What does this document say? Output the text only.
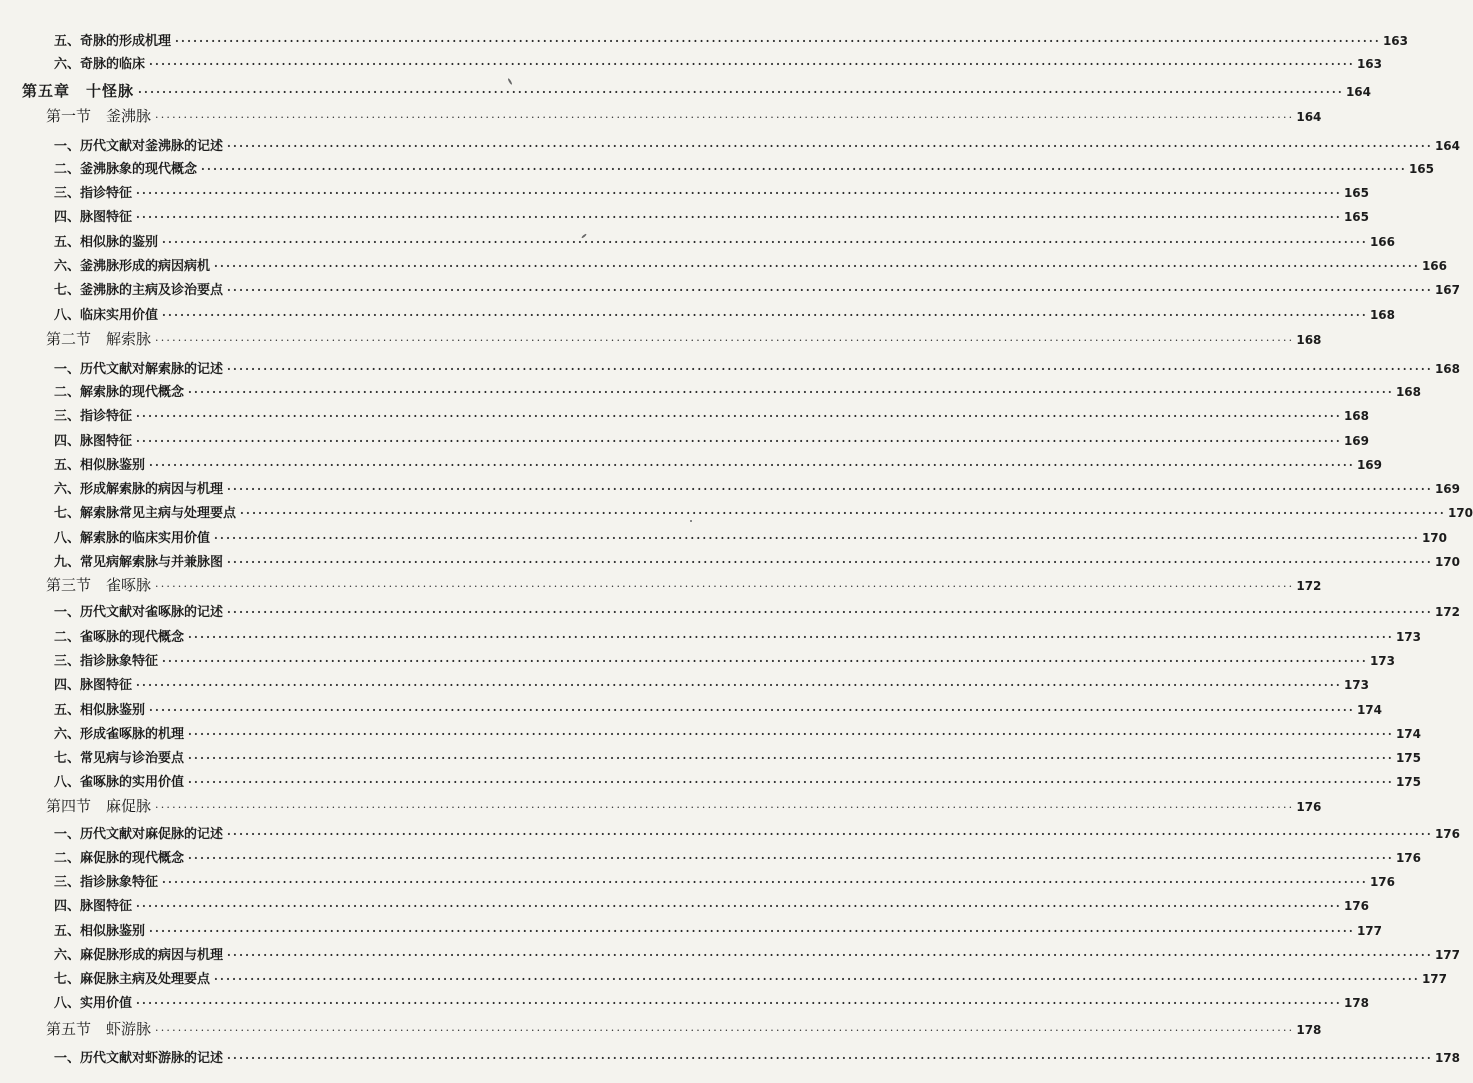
五、奇脉的形成机理 ········································································································································································································ 163
六、奇脉的临床 ········································································································································································································ 163
第五章　十怪脉 ········································································································································································································ 164
第一节　釜沸脉 ········································································································································································································ 164
一、历代文献对釜沸脉的记述 ········································································································································································································ 164
二、釜沸脉象的现代概念 ········································································································································································································ 165
三、指诊特征 ········································································································································································································ 165
四、脉图特征 ········································································································································································································ 165
五、相似脉的鉴别 ········································································································································································································ 166
六、釜沸脉形成的病因病机 ········································································································································································································ 166
七、釜沸脉的主病及诊治要点 ········································································································································································································ 167
八、临床实用价值 ········································································································································································································ 168
第二节　解索脉 ········································································································································································································ 168
一、历代文献对解索脉的记述 ········································································································································································································ 168
二、解索脉的现代概念 ········································································································································································································ 168
三、指诊特征 ········································································································································································································ 168
四、脉图特征 ········································································································································································································ 169
五、相似脉鉴别 ········································································································································································································ 169
六、形成解索脉的病因与机理 ········································································································································································································ 169
七、解索脉常见主病与处理要点 ········································································································································································································ 170
八、解索脉的临床实用价值 ········································································································································································································ 170
九、常见病解索脉与并兼脉图 ········································································································································································································ 170
第三节　雀啄脉 ········································································································································································································ 172
一、历代文献对雀啄脉的记述 ········································································································································································································ 172
二、雀啄脉的现代概念 ········································································································································································································ 173
三、指诊脉象特征 ········································································································································································································ 173
四、脉图特征 ········································································································································································································ 173
五、相似脉鉴别 ········································································································································································································ 174
六、形成雀啄脉的机理 ········································································································································································································ 174
七、常见病与诊治要点 ········································································································································································································ 175
八、雀啄脉的实用价值 ········································································································································································································ 175
第四节　麻促脉 ········································································································································································································ 176
一、历代文献对麻促脉的记述 ········································································································································································································ 176
二、麻促脉的现代概念 ········································································································································································································ 176
三、指诊脉象特征 ········································································································································································································ 176
四、脉图特征 ········································································································································································································ 176
五、相似脉鉴别 ········································································································································································································ 177
六、麻促脉形成的病因与机理 ········································································································································································································ 177
七、麻促脉主病及处理要点 ········································································································································································································ 177
八、实用价值 ········································································································································································································ 178
第五节　虾游脉 ········································································································································································································ 178
一、历代文献对虾游脉的记述 ········································································································································································································ 178
